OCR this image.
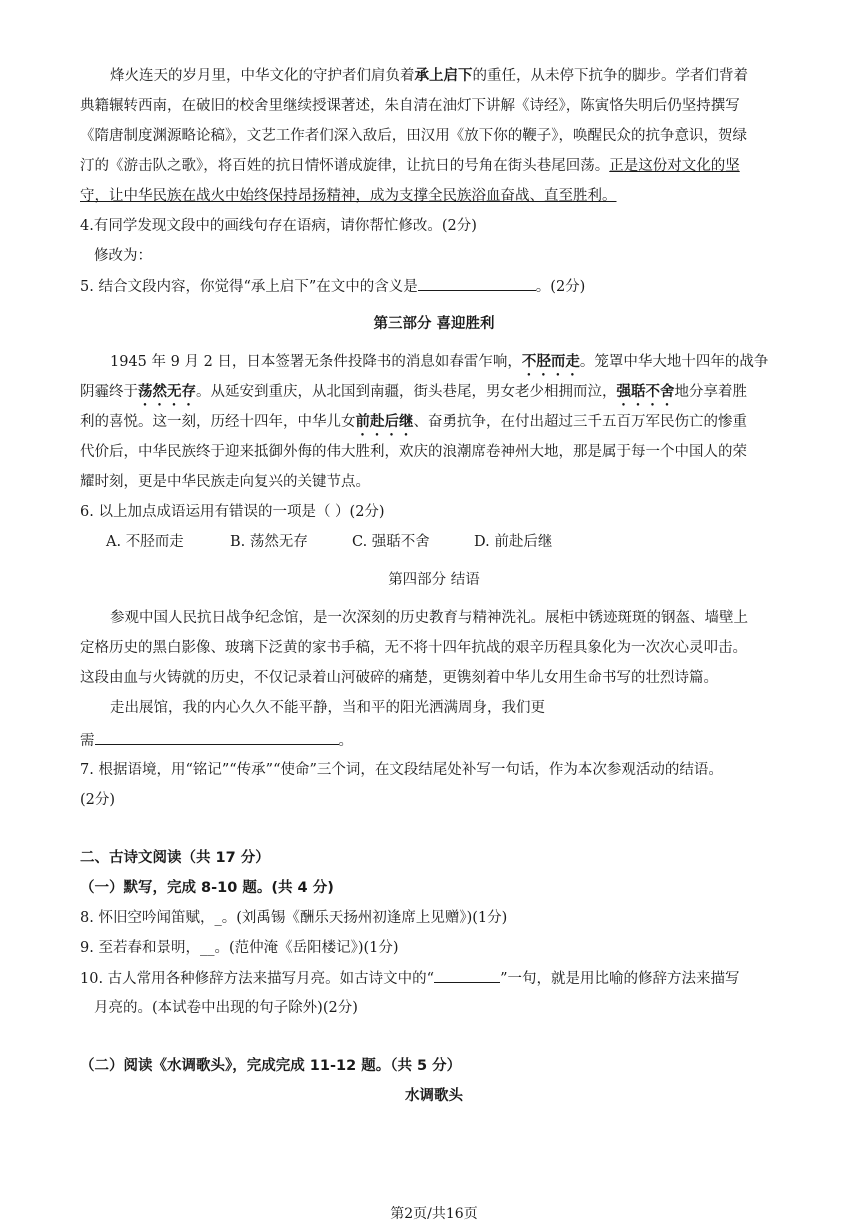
烽火连天的岁月里，中华文化的守护者们肩负着承上启下的重任，从未停下抗争的脚步。学者们背着
典籍辗转西南，在破旧的校舍里继续授课著述，朱自清在油灯下讲解《诗经》，陈寅恪失明后仍坚持撰写
《隋唐制度渊源略论稿》，文艺工作者们深入敌后，田汉用《放下你的鞭子》，唤醒民众的抗争意识，贺绿
汀的《游击队之歌》，将百姓的抗日情怀谱成旋律，让抗日的号角在街头巷尾回荡。正是这份对文化的坚
守，让中华民族在战火中始终保持昂扬精神，成为支撑全民族浴血奋战、直至胜利。
4.有同学发现文段中的画线句存在语病，请你帮忙修改。(2分)
修改为：
5. 结合文段内容，你觉得“承上启下”在文中的含义是	。(2分)
第三部分 喜迎胜利
1945 年 9 月 2 日，日本签署无条件投降书的消息如春雷乍响，不胫而走。笼罩中华大地十四年的战争
阴霾终于荡然无存。从延安到重庆，从北国到南疆，街头巷尾，男女老少相拥而泣，强聒不舍地分享着胜
利的喜悦。这一刻，历经十四年，中华儿女前赴后继、奋勇抗争，在付出超过三千五百万军民伤亡的惨重
代价后，中华民族终于迎来抵御外侮的伟大胜利，欢庆的浪潮席卷神州大地，那是属于每一个中国人的荣
耀时刻，更是中华民族走向复兴的关键节点。
6. 以上加点成语运用有错误的一项是（ ）(2分)
A. 不胫而走	B. 荡然无存	C. 强聒不舍	D. 前赴后继
第四部分 结语
参观中国人民抗日战争纪念馆，是一次深刻的历史教育与精神洗礼。展柜中锈迹斑斑的钢盔、墙壁上
定格历史的黑白影像、玻璃下泛黄的家书手稿，无不将十四年抗战的艰辛历程具象化为一次次心灵叩击。
这段由血与火铸就的历史，不仅记录着山河破碎的痛楚，更镌刻着中华儿女用生命书写的壮烈诗篇。
走出展馆，我的内心久久不能平静，当和平的阳光洒满周身，我们更
需	。
7. 根据语境，用“铭记”“传承”“使命”三个词，在文段结尾处补写一句话，作为本次参观活动的结语。
(2分)
二、古诗文阅读（共 17 分）
（一）默写，完成 8-10 题。(共 4 分)
8. 怀旧空吟闻笛赋，_。(刘禹锡《酬乐天扬州初逢席上见赠》)(1分)
9. 至若春和景明，__。(范仲淹《岳阳楼记》)(1分)
10. 古人常用各种修辞方法来描写月亮。如古诗文中的“	”一句，就是用比喻的修辞方法来描写
月亮的。(本试卷中出现的句子除外)(2分)
（二）阅读《水调歌头》，完成完成 11-12 题。（共 5 分）
水调歌头
第2页/共16页
